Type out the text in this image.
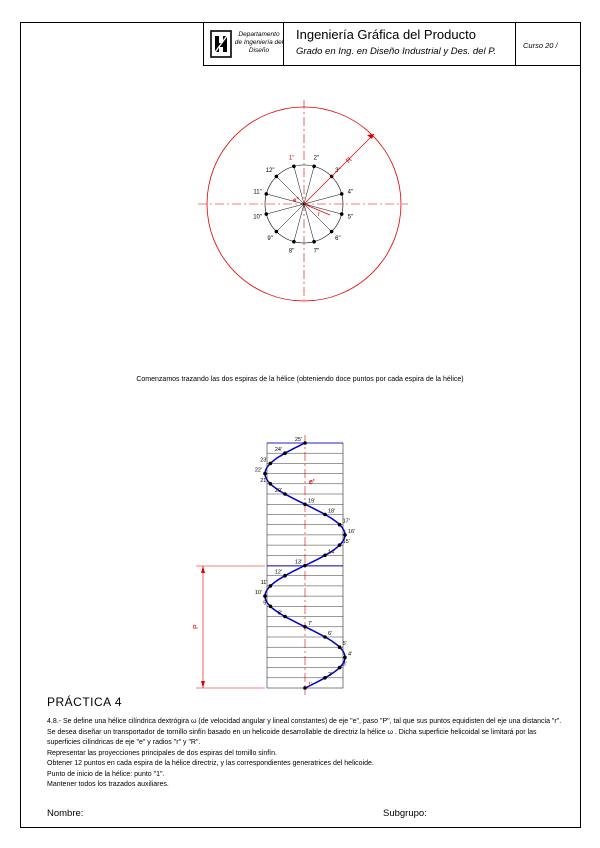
Departamento de Ingeniería del Diseño
Ingeniería Gráfica del Producto
Grado en Ing. en Diseño Industrial y Des. del P.
Curso 20 /
12"
1"	2"
3"
4"
5"
6"
7"
8"
9"
10"
11"
R
r
e"
e'
1'
2'
3'
4'
5'
6'
7'
8'
9'
10'
11'
12'
13'
14'
15'
16'
17'
18'
19'
20'
21'
22'
23'
24'
25'
P
Comenzamos trazando las dos espiras de la hélice (obteniendo doce puntos por cada espira de la hélice)
PRÁCTICA 4

4.8.- Se define una hélice cilíndrica dextrógira ω (de velocidad angular y lineal constantes) de eje "e", paso "P", tal que sus puntos equidisten del eje una distancia "r".

Se desea diseñar un transportador de tornillo sinfín basado en un helicoide desarrollable de directriz la hélice ω . Dicha superficie helicoidal se limitará por las superficies cilíndricas de eje "e" y radios "r" y "R".

Representar las proyecciones principales de dos espiras del tornillo sinfín.

Obtener 12 puntos en cada espira de la hélice directriz, y las correspondientes generatrices del helicoide.

Punto de inicio de la hélice: punto "1".

Mantener todos los trazados auxiliares.

Nombre:	Subgrupo:
